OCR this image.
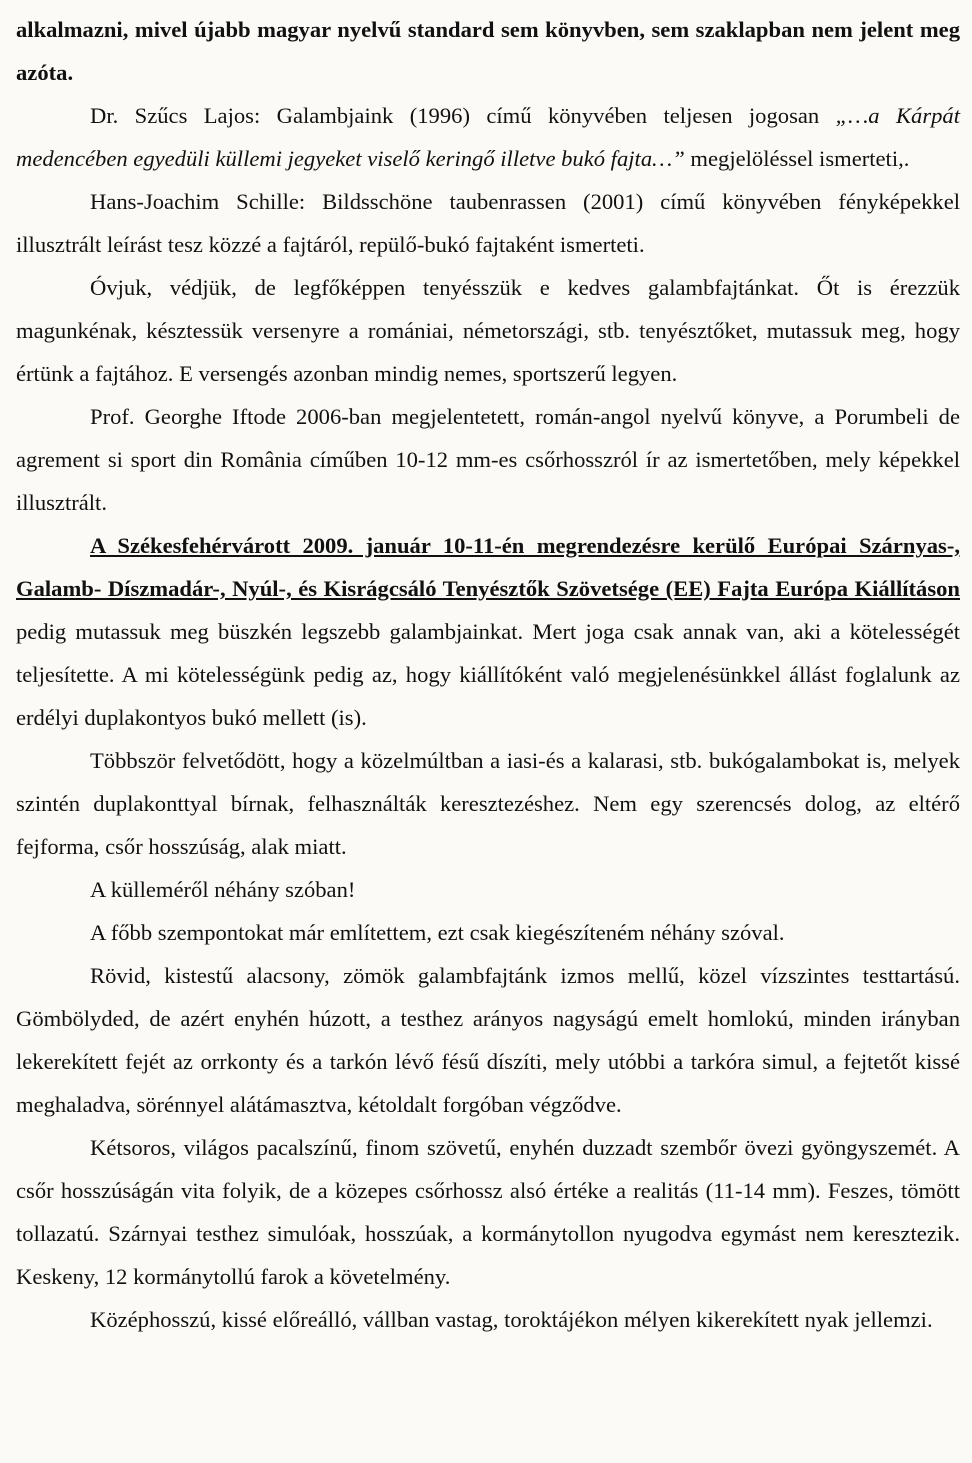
alkalmazni, mivel újabb magyar nyelvű standard sem könyvben, sem szaklapban nem jelent meg azóta.

Dr. Szűcs Lajos: Galambjaink (1996) című könyvében teljesen jogosan „…a Kárpát medencében egyedüli küllemi jegyeket viselő keringő illetve bukó fajta…” megjelöléssel ismerteti,.

Hans-Joachim Schille: Bildsschöne taubenrassen (2001) című könyvében fényképekkel illusztrált leírást tesz közzé a fajtáról, repülő-bukó fajtaként ismerteti.

Óvjuk, védjük, de legfőképpen tenyésszük e kedves galambfajtánkat. Őt is érezzük magunkénak, késztessük versenyre a romániai, németországi, stb. tenyésztőket, mutassuk meg, hogy értünk a fajtához. E versengés azonban mindig nemes, sportszerű legyen.

Prof. Georghe Iftode 2006-ban megjelentetett, román-angol nyelvű könyve, a Porumbeli de agrement si sport din România címűben 10-12 mm-es csőrhosszról ír az ismertetőben, mely képekkel illusztrált.

A Székesfehérvárott 2009. január 10-11-én megrendezésre kerülő Európai Szárnyas-, Galamb- Díszmadár-, Nyúl-, és Kisrágcsáló Tenyésztők Szövetsége (EE) Fajta Európa Kiállításon pedig mutassuk meg büszkén legszebb galambjainkat. Mert joga csak annak van, aki a kötelességét teljesítette. A mi kötelességünk pedig az, hogy kiállítóként való megjelenésünkkel állást foglalunk az erdélyi duplakontyos bukó mellett (is).

Többször felvetődött, hogy a közelmúltban a iasi-és a kalarasi, stb. bukógalambokat is, melyek szintén duplakonttyal bírnak, felhasználták keresztezéshez. Nem egy szerencsés dolog, az eltérő fejforma, csőr hosszúság, alak miatt.

A külleméről néhány szóban!

A főbb szempontokat már említettem, ezt csak kiegészíteném néhány szóval.

Rövid, kistestű alacsony, zömök galambfajtánk izmos mellű, közel vízszintes testtartású. Gömbölyded, de azért enyhén húzott, a testhez arányos nagyságú emelt homlokú, minden irányban lekerekített fejét az orrkonty és a tarkón lévő fésű díszíti, mely utóbbi a tarkóra simul, a fejtetőt kissé meghaladva, sörénnyel alátámasztva, kétoldalt forgóban végződve.

Kétsoros, világos pacalszínű, finom szövetű, enyhén duzzadt szembőr övezi gyöngyszemét. A csőr hosszúságán vita folyik, de a közepes csőrhossz alsó értéke a realitás (11-14 mm). Feszes, tömött tollazatú. Szárnyai testhez simulóak, hosszúak, a kormánytollon nyugodva egymást nem keresztezik. Keskeny, 12 kormánytollú farok a követelmény.

Középhosszú, kissé előreálló, vállban vastag, toroktájékon mélyen kikerekített nyak jellemzi.
